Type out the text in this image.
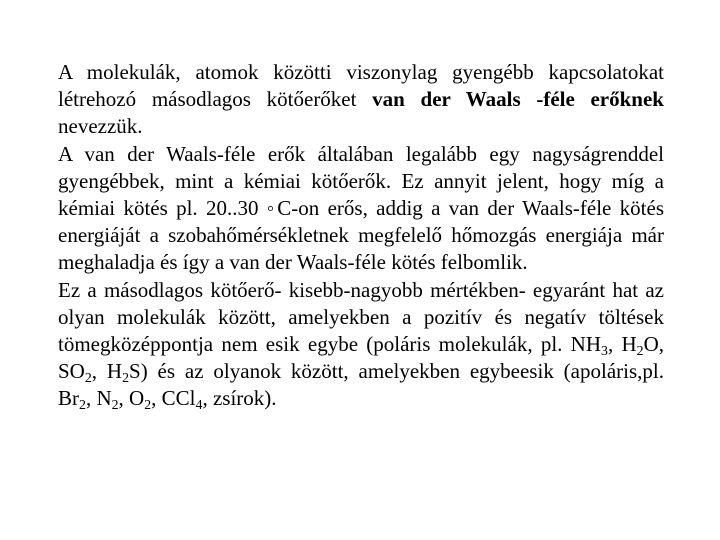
A molekulák, atomok közötti viszonylag gyengébb kapcsolatokat létrehozó másodlagos kötőerőket van der Waals -féle erőknek nevezzük.

A van der Waals-féle erők általában legalább egy nagyságrenddel gyengébbek, mint a kémiai kötőerők. Ez annyit jelent, hogy míg a kémiai kötés pl. 20..30 ◦C-on erős, addig a van der Waals-féle kötés energiáját a szobahőmérsékletnek megfelelő hőmozgás energiája már meghaladja és így a van der Waals-féle kötés felbomlik.

Ez a másodlagos kötőerő- kisebb-nagyobb mértékben- egyaránt hat az olyan molekulák között, amelyekben a pozitív és negatív töltések tömegközéppontja nem esik egybe (poláris molekulák, pl. $NH_3$, $H_2O$, $SO_2$, $H_2S$) és az olyanok között, amelyekben egybeesik (apoláris,pl. $Br_2$, $N_2$, $O_2$, CCl$_4$, zsírok).
